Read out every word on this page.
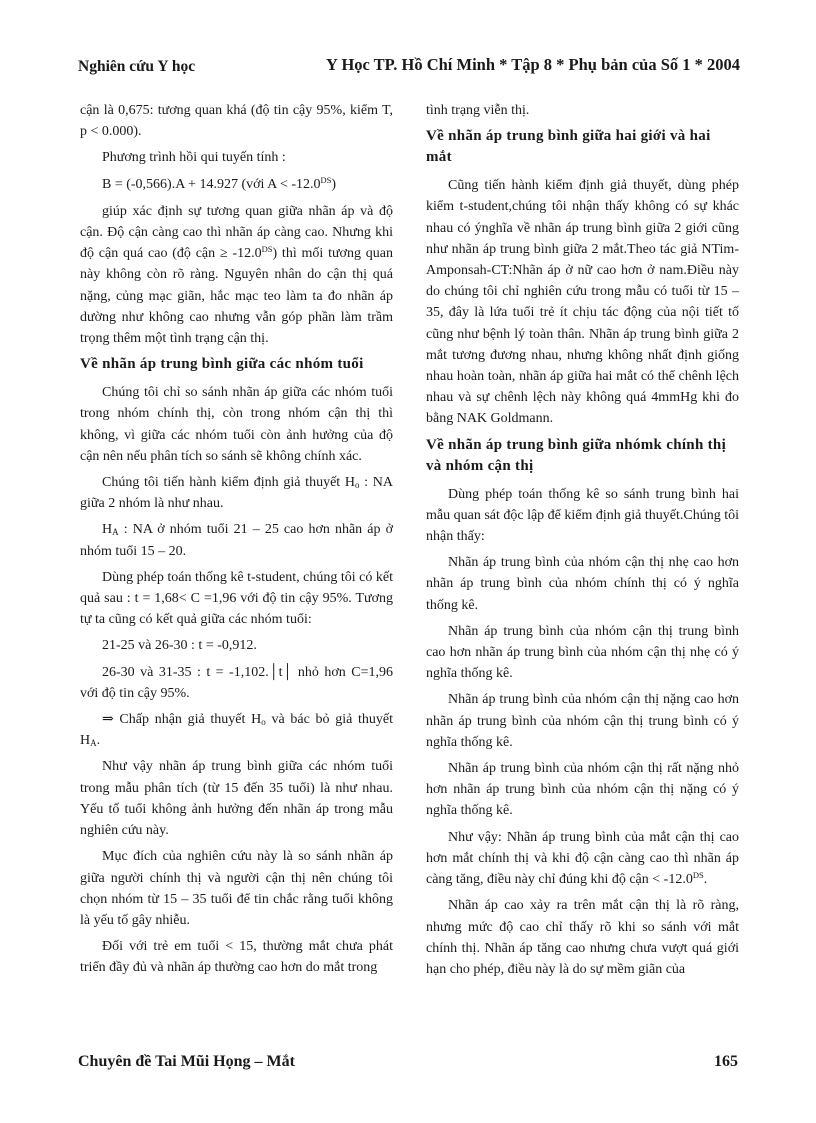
Nghiên cứu Y học	Y Học TP. Hồ Chí Minh * Tập 8 * Phụ bản của Số 1 * 2004

cận là 0,675: tương quan khá (độ tin cậy 95%, kiểm T, p < 0.000).

Phương trình hồi qui tuyến tính :

B = (-0,566).A + 14.927 (với $A < -12.0^{DS}$)

giúp xác định sự tương quan giữa nhãn áp và độ cận. Độ cận càng cao thì nhãn áp càng cao. Nhưng khi độ cận quá cao (độ cận ≥ $-12.0^{DS}$) thì mối tương quan này không còn rõ ràng. Nguyên nhân do cận thị quá nặng, củng mạc giãn, hắc mạc teo làm ta đo nhãn áp dường như không cao nhưng vẫn góp phần làm trầm trọng thêm một tình trạng cận thị.

Về nhãn áp trung bình giữa các nhóm tuổi

Chúng tôi chỉ so sánh nhãn áp giữa các nhóm tuổi trong nhóm chính thị, còn trong nhóm cận thị thì không, vì giữa các nhóm tuổi còn ảnh hưởng của độ cận nên nếu phân tích so sánh sẽ không chính xác.

Chúng tôi tiến hành kiểm định giả thuyết $H_o$ : NA giữa 2 nhóm là như nhau.

$H_A$ : NA ở nhóm tuổi 21 – 25 cao hơn nhãn áp ở nhóm tuổi 15 – 20.

Dùng phép toán thống kê t-student, chúng tôi có kết quả sau : t = 1,68< C =1,96 với độ tin cậy 95%. Tương tự ta cũng có kết quả giữa các nhóm tuổi:

21-25 và 26-30 : t = -0,912.

26-30 và 31-35 : t = -1,102.│t│ nhỏ hơn C=1,96 với độ tin cậy 95%.

⇒ Chấp nhận giả thuyết $H_o$ và bác bỏ giả thuyết $H_A$.

Như vậy nhãn áp trung bình giữa các nhóm tuổi trong mẫu phân tích (từ 15 đến 35 tuổi) là như nhau. Yếu tố tuổi không ảnh hưởng đến nhãn áp trong mẫu nghiên cứu này.

Mục đích của nghiên cứu này là so sánh nhãn áp giữa người chính thị và người cận thị nên chúng tôi chọn nhóm từ 15 – 35 tuổi để tin chắc rằng tuổi không là yếu tố gây nhiễu.

Đối với trẻ em tuổi < 15, thường mắt chưa phát triển đầy đủ và nhãn áp thường cao hơn do mắt trong

tình trạng viễn thị.

Về nhãn áp trung bình giữa hai giới và hai mắt

Cũng tiến hành kiểm định giả thuyết, dùng phép kiểm t-student,chúng tôi nhận thấy không có sự khác nhau có ýnghĩa về nhãn áp trung bình giữa 2 giới cũng như nhãn áp trung bình giữa 2 mắt.Theo tác giả NTim-Amponsah-CT:Nhãn áp ở nữ cao hơn ở nam.Điều này do chúng tôi chỉ nghiên cứu trong mẫu có tuổi từ 15 – 35, đây là lứa tuổi trẻ ít chịu tác động của nội tiết tố cũng như bệnh lý toàn thân. Nhãn áp trung bình giữa 2 mắt tương đương nhau, nhưng không nhất định giống nhau hoàn toàn, nhãn áp giữa hai mắt có thể chênh lệch nhau và sự chênh lệch này không quá 4mmHg khi đo bằng NAK Goldmann.

Về nhãn áp trung bình giữa nhómk chính thị và nhóm cận thị

Dùng phép toán thống kê so sánh trung bình hai mẫu quan sát độc lập để kiểm định giả thuyết.Chúng tôi nhận thấy:

Nhãn áp trung bình của nhóm cận thị nhẹ cao hơn nhãn áp trung bình của nhóm chính thị có ý nghĩa thống kê.

Nhãn áp trung bình của nhóm cận thị trung bình cao hơn nhãn áp trung bình của nhóm cận thị nhẹ có ý nghĩa thống kê.

Nhãn áp trung bình của nhóm cận thị nặng cao hơn nhãn áp trung bình của nhóm cận thị trung bình có ý nghĩa thống kê.

Nhãn áp trung bình của nhóm cận thị rất nặng nhỏ hơn nhãn áp trung bình của nhóm cận thị nặng có ý nghĩa thống kê.

Như vậy: Nhãn áp trung bình của mắt cận thị cao hơn mắt chính thị và khi độ cận càng cao thì nhãn áp càng tăng, điều này chỉ đúng khi độ cận < $-12.0^{DS}$.

Nhãn áp cao xảy ra trên mắt cận thị là rõ ràng, nhưng mức độ cao chỉ thấy rõ khi so sánh với mắt chính thị. Nhãn áp tăng cao nhưng chưa vượt quá giới hạn cho phép, điều này là do sự mềm giãn của

Chuyên đề Tai Mũi Họng – Mắt	165
